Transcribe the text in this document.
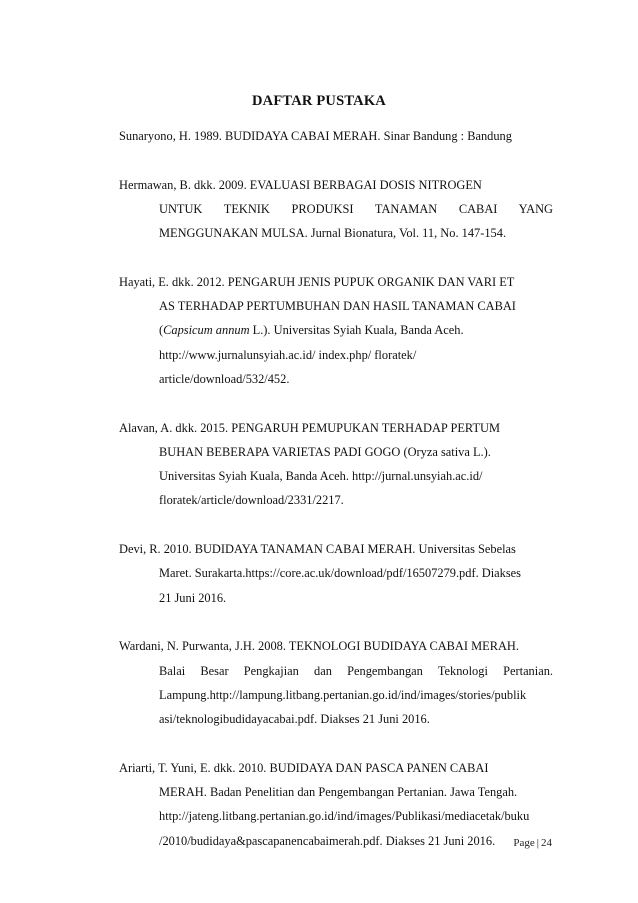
DAFTAR PUSTAKA
Sunaryono, H. 1989. BUDIDAYA CABAI MERAH. Sinar Bandung : Bandung
Hermawan, B. dkk. 2009. EVALUASI BERBAGAI DOSIS NITROGEN
UNTUK TEKNIK PRODUKSI TANAMAN CABAI YANG
MENGGUNAKAN MULSA. Jurnal Bionatura, Vol. 11, No. 147-154.
Hayati, E. dkk. 2012. PENGARUH JENIS PUPUK ORGANIK DAN VARI ET
AS TERHADAP PERTUMBUHAN DAN HASIL TANAMAN CABAI
(Capsicum annum L.). Universitas Syiah Kuala, Banda Aceh.
http://www.jurnalunsyiah.ac.id/ index.php/ floratek/
article/download/532/452.
Alavan, A. dkk. 2015. PENGARUH PEMUPUKAN TERHADAP PERTUM
BUHAN BEBERAPA VARIETAS PADI GOGO (Oryza sativa L.).
Universitas Syiah Kuala, Banda Aceh. http://jurnal.unsyiah.ac.id/
floratek/article/download/2331/2217.
Devi, R. 2010. BUDIDAYA TANAMAN CABAI MERAH. Universitas Sebelas
Maret. Surakarta.https://core.ac.uk/download/pdf/16507279.pdf. Diakses
21 Juni 2016.
Wardani, N. Purwanta, J.H. 2008. TEKNOLOGI BUDIDAYA CABAI MERAH.
Balai Besar Pengkajian dan Pengembangan Teknologi Pertanian.
Lampung.http://lampung.litbang.pertanian.go.id/ind/images/stories/publik
asi/teknologibudidayacabai.pdf. Diakses 21 Juni 2016.
Ariarti, T. Yuni, E. dkk. 2010. BUDIDAYA DAN PASCA PANEN CABAI
MERAH. Badan Penelitian dan Pengembangan Pertanian. Jawa Tengah.
http://jateng.litbang.pertanian.go.id/ind/images/Publikasi/mediacetak/buku
/2010/budidaya&pascapanencabaimerah.pdf. Diakses 21 Juni 2016.	Page | 24
